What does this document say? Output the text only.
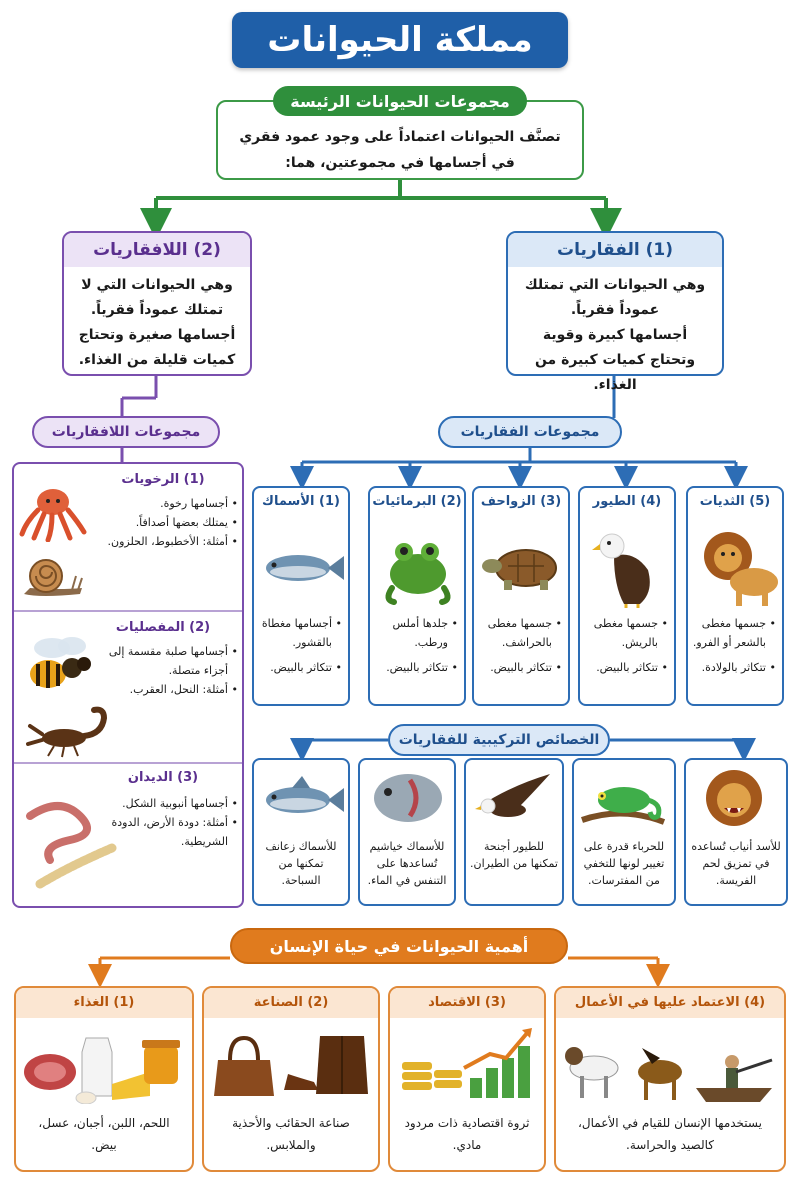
مملكة الحيوانات
مجموعات الحيوانات الرئيسة
تصنَّف الحيوانات اعتماداً على وجود عمود فقري في أجسامها في مجموعتين، هما:
(1) الفقاريات
وهي الحيوانات التي تمتلك عموداً فقرياً.
أجسامها كبيرة وقوية وتحتاج كميات كبيرة من الغذاء.
(2) اللافقاريات
وهي الحيوانات التي لا تمتلك عموداً فقرياً.
أجسامها صغيرة وتحتاج كميات قليلة من الغذاء.
مجموعات الفقاريات
مجموعات اللافقاريات
(1) الرخويات
• أجسامها رخوة.
• يمتلك بعضها أصدافاً.
• أمثلة: الأخطبوط، الحلزون.
(2) المفصليات
• أجسامها صلبة مقسمة إلى أجزاء متصلة.
• أمثلة: النحل، العقرب.
(3) الديدان
• أجسامها أنبوبية الشكل.
• أمثلة: دودة الأرض، الدودة الشريطية.
(5) الثديات
• جسمها مغطى بالشعر أو الفرو.
• تتكاثر بالولادة.
(4) الطيور
• جسمها مغطى بالريش.
• تتكاثر بالبيض.
(3) الزواحف
• جسمها مغطى بالحراشف.
• تتكاثر بالبيض.
(2) البرمائيات
• جلدها أملس ورطب.
• تتكاثر بالبيض.
(1) الأسماك
• أجسامها مغطاة بالقشور.
• تتكاثر بالبيض.
الخصائص التركيبية للفقاريات
للأسد أنياب تُساعده في تمزيق لحم الفريسة.
للحرباء قدرة على تغيير لونها للتخفي من المفترسات.
للطيور أجنحة تمكنها من الطيران.
للأسماك خياشيم تُساعدها على التنفس في الماء.
للأسماك زعانف تمكنها من السباحة.
أهمية الحيوانات في حياة الإنسان
(4) الاعتماد عليها في الأعمال
يستخدمها الإنسان للقيام في الأعمال، كالصيد والحراسة.
(3) الاقتصاد
ثروة اقتصادية ذات مردود مادي.
(2) الصناعة
صناعة الحقائب والأحذية والملابس.
(1) الغذاء
اللحم، اللبن، أجبان، عسل، بيض.
